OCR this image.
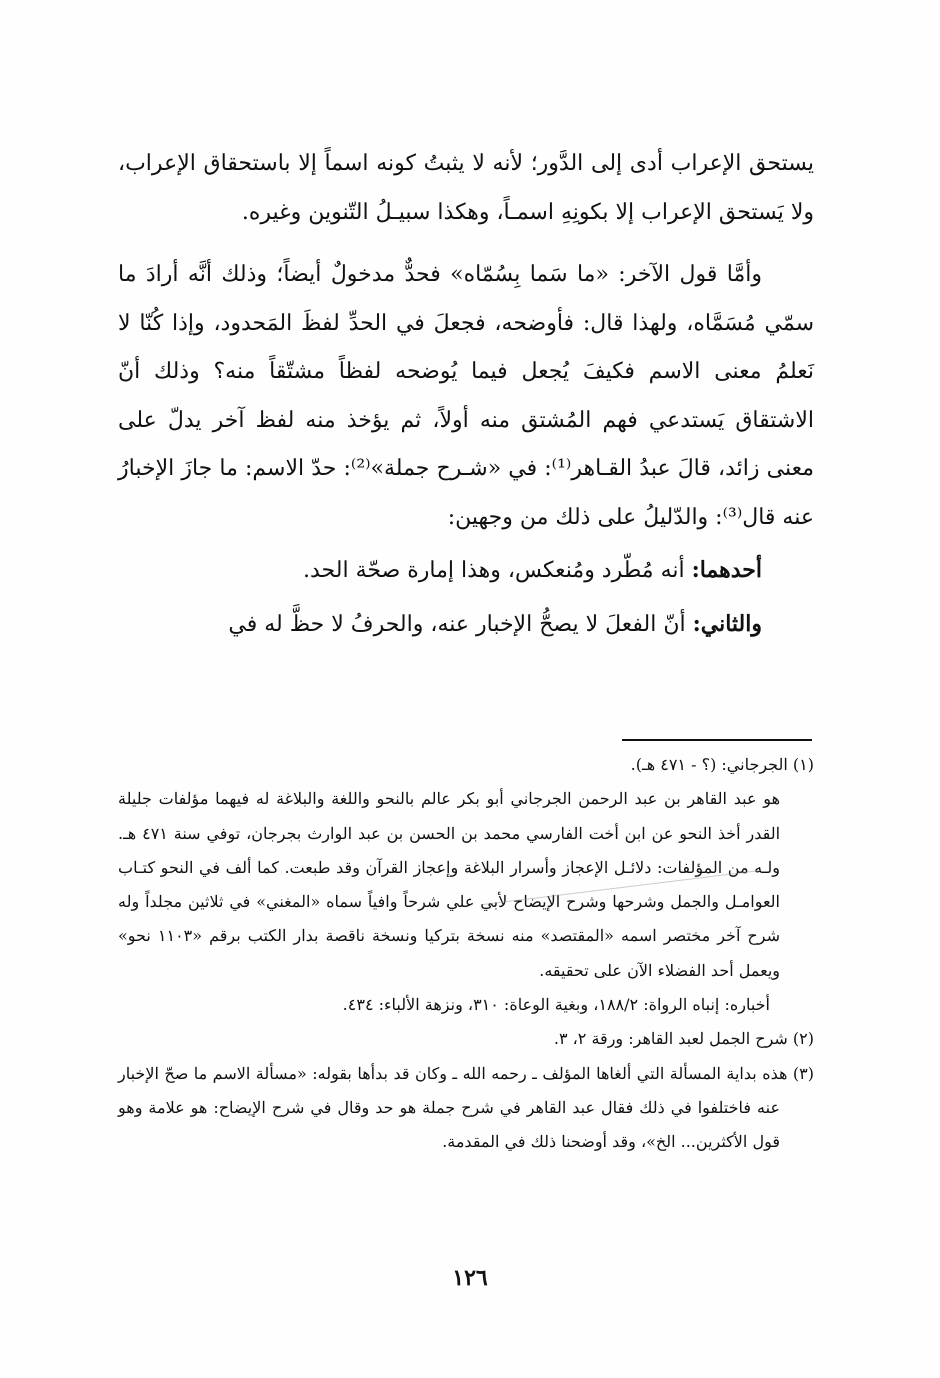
يستحق الإعراب أدى إلى الدَّور؛ لأنه لا يثبتُ كونه اسماً إلا باستحقاق الإعراب، ولا يَستحق الإعراب إلا بكونِهِ اسمـاً، وهكذا سبيـلُ التّنوين وغيره.

وأمَّا قول الآخر: «ما سَما بِسُمّاه» فحدٌّ مدخولٌ أيضاً؛ وذلك أنَّه أرادَ ما سمّي مُسَمَّاه، ولهذا قال: فأوضحه، فجعلَ في الحدِّ لفظَ المَحدود، وإذا كُنّا لا نَعلمُ معنى الاسم فكيفَ يُجعل فيما يُوضحه لفظاً مشتّقاً منه؟ وذلك أنّ الاشتقاق يَستدعي فهم المُشتق منه أولاً، ثم يؤخذ منه لفظ آخر يدلّ على معنى زائد، قالَ عبدُ القـاهر⁽¹⁾: في «شـرح جملة»⁽²⁾: حدّ الاسم: ما جازَ الإخبارُ عنه قال⁽³⁾: والدّليلُ على ذلك من وجهين:

أحدهما: أنه مُطّرد ومُنعكس، وهذا إمارة صحّة الحد.

والثاني: أنّ الفعلَ لا يصحُّ الإخبار عنه، والحرفُ لا حظَّ له في

(١) الجرجاني: (؟ - ٤٧١ هـ).

هو عبد القاهر بن عبد الرحمن الجرجاني أبو بكر عالم بالنحو واللغة والبلاغة له فيهما مؤلفات جليلة القدر أخذ النحو عن ابن أخت الفارسي محمد بن الحسن بن عبد الوارث بجرجان، توفي سنة ٤٧١ هـ. ولـه من المؤلفات: دلائـل الإعجاز وأسرار البلاغة وإعجاز القرآن وقد طبعت. كما ألف في النحو كتـاب العوامـل والجمل وشرحها وشرح الإيضاح لأبي علي شرحاً وافياً سماه «المغني» في ثلاثين مجلداً وله شرح آخر مختصر اسمه «المقتصد» منه نسخة بتركيا ونسخة ناقصة بدار الكتب برقم «١١٠٣ نحو» ويعمل أحد الفضلاء الآن على تحقيقه.

أخباره: إنباه الرواة: ١٨٨/٢، وبغية الوعاة: ٣١٠، ونزهة الألباء: ٤٣٤.

(٢) شرح الجمل لعبد القاهر: ورقة ٢، ٣.

(٣) هذه بداية المسألة التي ألغاها المؤلف ـ رحمه الله ـ وكان قد بدأها بقوله: «مسألة الاسم ما صحّ الإخبار عنه فاختلفوا في ذلك فقال عبد القاهر في شرح جملة هو حد وقال في شرح الإيضاح: هو علامة وهو قول الأكثرين... الخ»، وقد أوضحنا ذلك في المقدمة.

١٢٦
